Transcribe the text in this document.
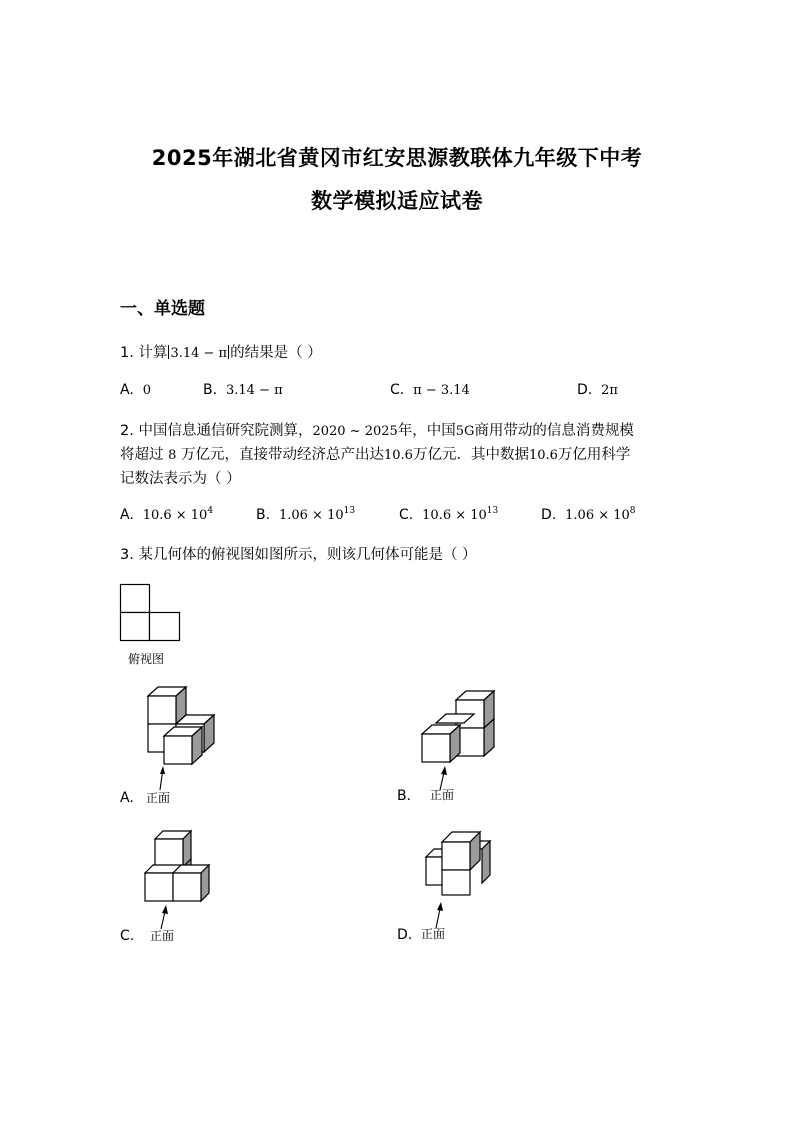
2025年湖北省黄冈市红安思源教联体九年级下中考
数学模拟适应试卷
一、单选题
1. 计算 3.14 − π 的结果是（ ）
A. 0	B. 3.14 − π	C. π − 3.14	D. 2π
2. 中国信息通信研究院测算，2020 ~ 2025年，中国5G商用带动的信息消费规模
将超过 8 万亿元，直接带动经济总产出达10.6万亿元．其中数据10.6万亿用科学
记数法表示为（ ）
A. $10.6 \times 10^4$	B. $1.06 \times 10^{13}$	C. $10.6 \times 10^{13}$	D. $1.06 \times 10^8$
3. 某几何体的俯视图如图所示，则该几何体可能是（ ）
俯视图
A. 正面	B. 正面
C. 正面	D. 正面
